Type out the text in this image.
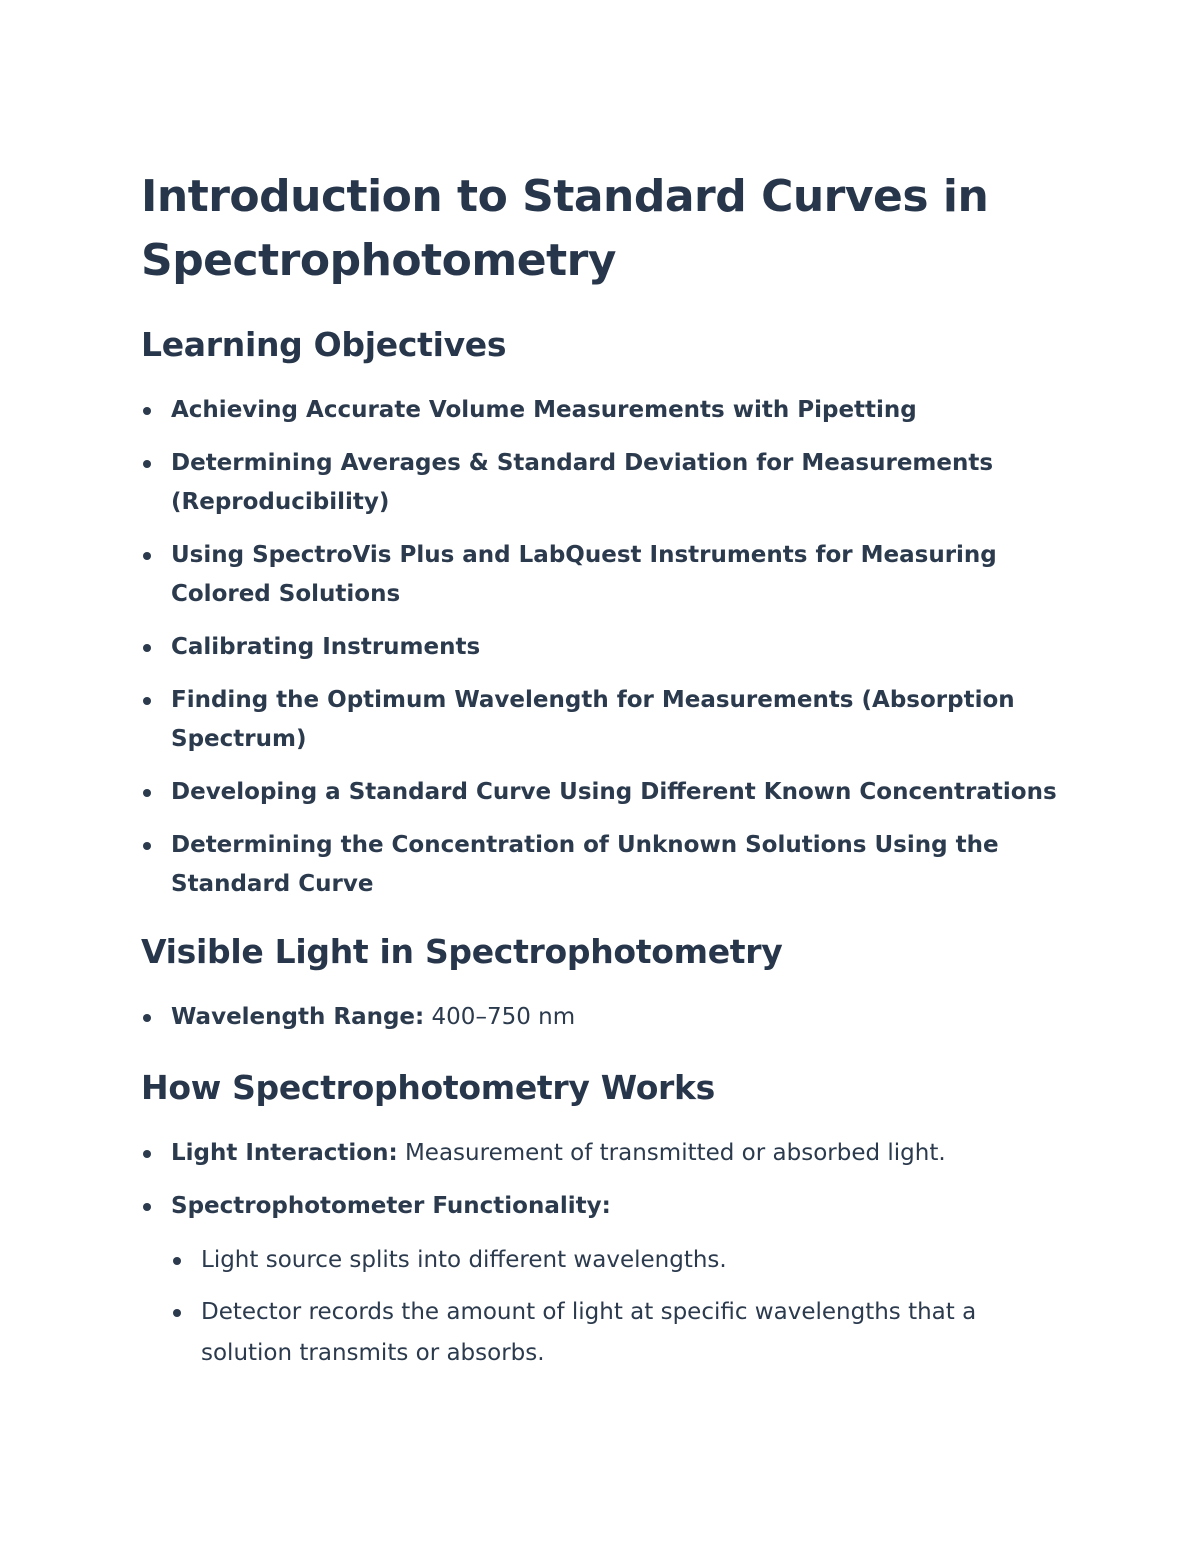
Introduction to Standard Curves in Spectrophotometry
Learning Objectives
Achieving Accurate Volume Measurements with Pipetting
Determining Averages & Standard Deviation for Measurements (Reproducibility)
Using SpectroVis Plus and LabQuest Instruments for Measuring Colored Solutions
Calibrating Instruments
Finding the Optimum Wavelength for Measurements (Absorption Spectrum)
Developing a Standard Curve Using Different Known Concentrations
Determining the Concentration of Unknown Solutions Using the Standard Curve
Visible Light in Spectrophotometry
Wavelength Range: 400–750 nm
How Spectrophotometry Works
Light Interaction: Measurement of transmitted or absorbed light.
Spectrophotometer Functionality:
Light source splits into different wavelengths.
Detector records the amount of light at specific wavelengths that a solution transmits or absorbs.
